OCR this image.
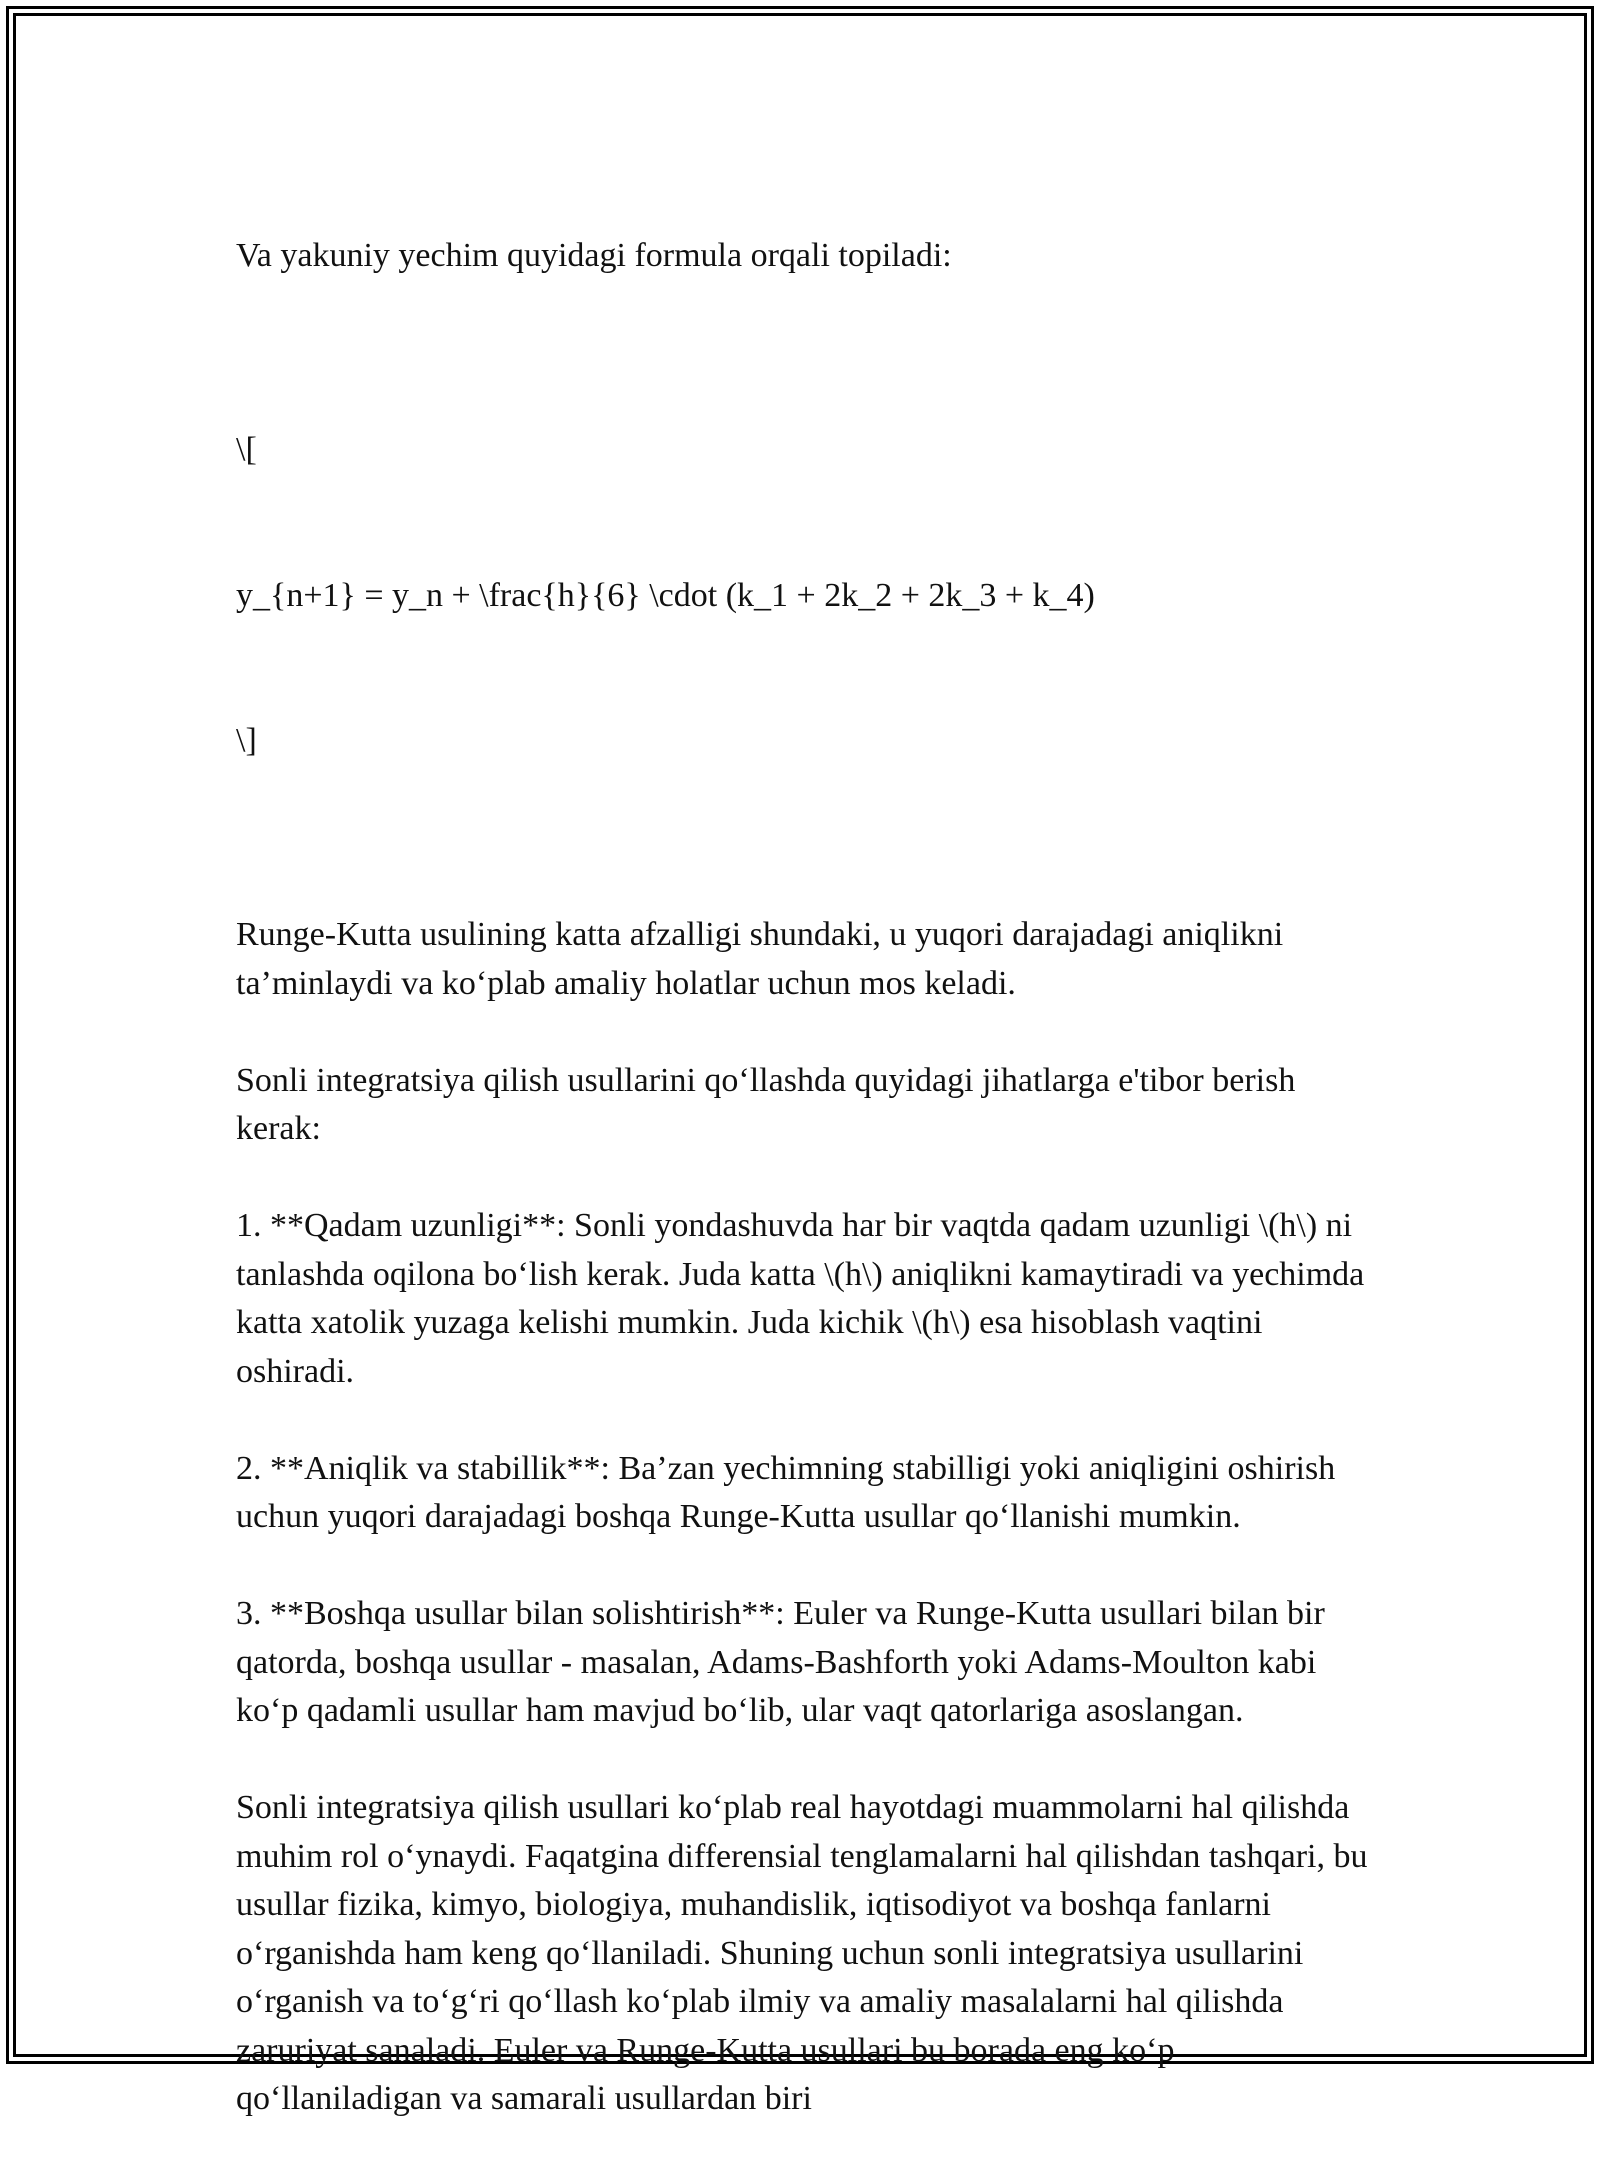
Va yakuniy yechim quyidagi formula orqali topiladi:

\[

y_{n+1} = y_n + \frac{h}{6} \cdot (k_1 + 2k_2 + 2k_3 + k_4)

\]

Runge-Kutta usulining katta afzalligi shundaki, u yuqori darajadagi aniqlikni ta’minlaydi va ko‘plab amaliy holatlar uchun mos keladi.

Sonli integratsiya qilish usullarini qo‘llashda quyidagi jihatlarga e'tibor berish kerak:

1. **Qadam uzunligi**: Sonli yondashuvda har bir vaqtda qadam uzunligi \(h\) ni tanlashda oqilona bo‘lish kerak. Juda katta \(h\) aniqlikni kamaytiradi va yechimda katta xatolik yuzaga kelishi mumkin. Juda kichik \(h\) esa hisoblash vaqtini oshiradi.

2. **Aniqlik va stabillik**: Ba’zan yechimning stabilligi yoki aniqligini oshirish uchun yuqori darajadagi boshqa Runge-Kutta usullar qo‘llanishi mumkin.

3. **Boshqa usullar bilan solishtirish**: Euler va Runge-Kutta usullari bilan bir qatorda, boshqa usullar - masalan, Adams-Bashforth yoki Adams-Moulton kabi ko‘p qadamli usullar ham mavjud bo‘lib, ular vaqt qatorlariga asoslangan.

Sonli integratsiya qilish usullari ko‘plab real hayotdagi muammolarni hal qilishda muhim rol o‘ynaydi. Faqatgina differensial tenglamalarni hal qilishdan tashqari, bu usullar fizika, kimyo, biologiya, muhandislik, iqtisodiyot va boshqa fanlarni o‘rganishda ham keng qo‘llaniladi. Shuning uchun sonli integratsiya usullarini o‘rganish va to‘g‘ri qo‘llash ko‘plab ilmiy va amaliy masalalarni hal qilishda zaruriyat sanaladi. Euler va Runge-Kutta usullari bu borada eng ko‘p qo‘llaniladigan va samarali usullardan biri
